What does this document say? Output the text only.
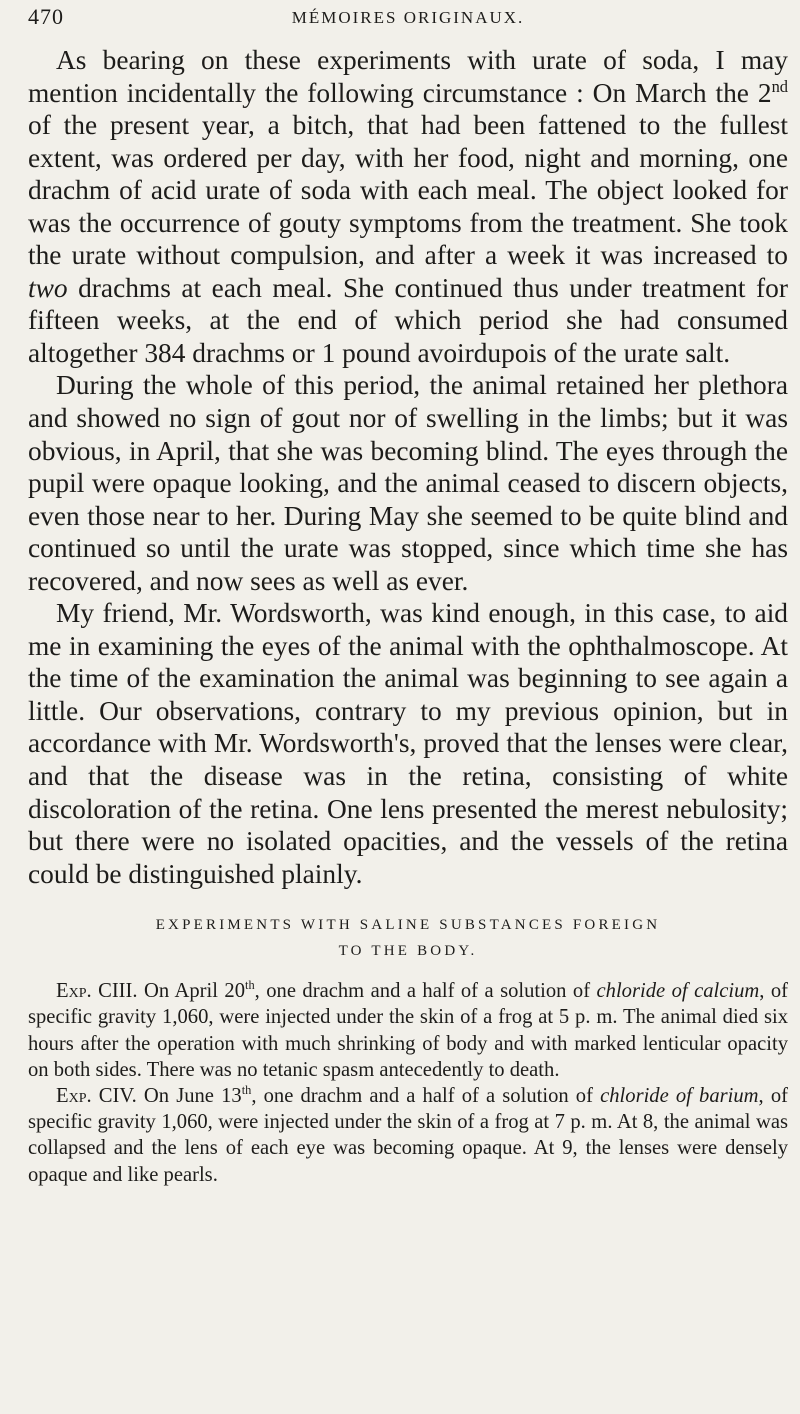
470	MÉMOIRES ORIGINAUX.

As bearing on these experiments with urate of soda, I may mention incidentally the following circumstance : On March the 2nd of the present year, a bitch, that had been fattened to the fullest extent, was ordered per day, with her food, night and morning, one drachm of acid urate of soda with each meal. The object looked for was the occurrence of gouty symptoms from the treatment. She took the urate without compulsion, and after a week it was increased to two drachms at each meal. She continued thus under treatment for fifteen weeks, at the end of which period she had consumed altogether 384 drachms or 1 pound avoirdupois of the urate salt.

During the whole of this period, the animal retained her plethora and showed no sign of gout nor of swelling in the limbs; but it was obvious, in April, that she was becoming blind. The eyes through the pupil were opaque looking, and the animal ceased to discern objects, even those near to her. During May she seemed to be quite blind and continued so until the urate was stopped, since which time she has recovered, and now sees as well as ever.

My friend, Mr. Wordsworth, was kind enough, in this case, to aid me in examining the eyes of the animal with the ophthalmoscope. At the time of the examination the animal was beginning to see again a little. Our observations, contrary to my previous opinion, but in accordance with Mr. Wordsworth's, proved that the lenses were clear, and that the disease was in the retina, consisting of white discoloration of the retina. One lens presented the merest nebulosity; but there were no isolated opacities, and the vessels of the retina could be distinguished plainly.

EXPERIMENTS WITH SALINE SUBSTANCES FOREIGN
TO THE BODY.

Exp. CIII. On April 20th, one drachm and a half of a solution of chloride of calcium, of specific gravity 1,060, were injected under the skin of a frog at 5 p. m. The animal died six hours after the operation with much shrinking of body and with marked lenticular opacity on both sides. There was no tetanic spasm antecedently to death.

Exp. CIV. On June 13th, one drachm and a half of a solution of chloride of barium, of specific gravity 1,060, were injected under the skin of a frog at 7 p. m. At 8, the animal was collapsed and the lens of each eye was becoming opaque. At 9, the lenses were densely opaque and like pearls.
